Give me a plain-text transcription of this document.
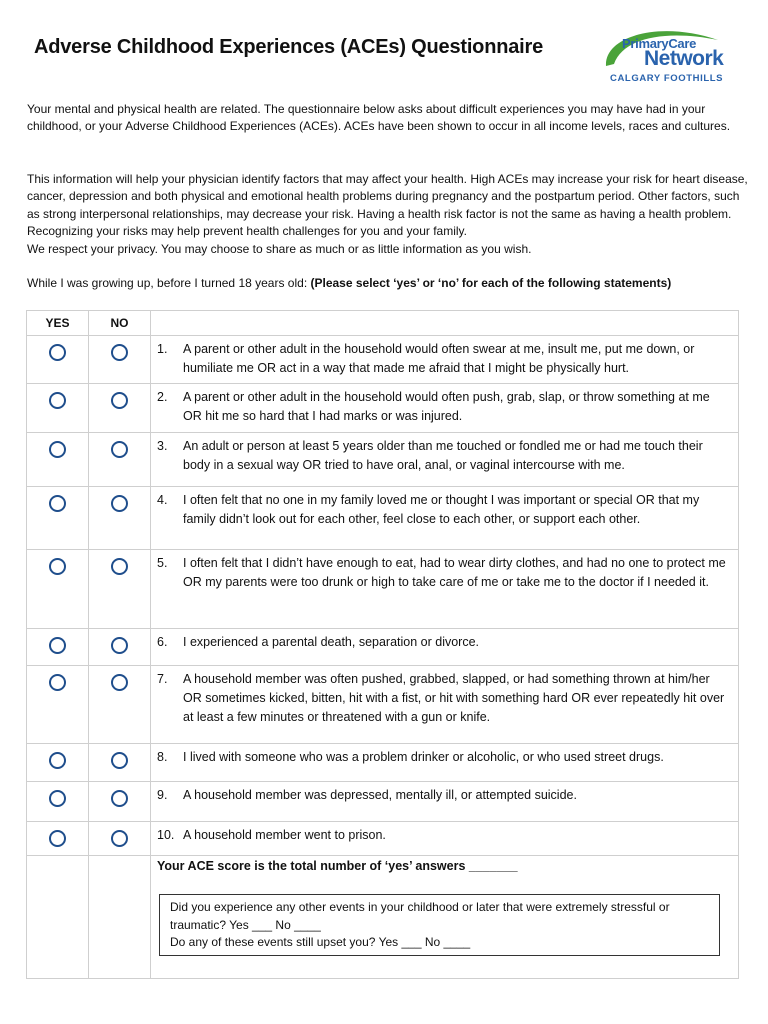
Adverse Childhood Experiences (ACEs) Questionnaire	PrimaryCare
Network
CALGARY FOOTHILLS

Your mental and physical health are related. The questionnaire below asks about difficult experiences you may have had in your childhood, or your Adverse Childhood Experiences (ACEs). ACEs have been shown to occur in all income levels, races and cultures.

This information will help your physician identify factors that may affect your health. High ACEs may increase your risk for heart disease, cancer, depression and both physical and emotional health problems during pregnancy and the postpartum period. Other factors, such as strong interpersonal relationships, may decrease your risk. Having a health risk factor is not the same as having a health problem. Recognizing your risks may help prevent health challenges for you and your family.

We respect your privacy. You may choose to share as much or as little information as you wish.

While I was growing up, before I turned 18 years old: (Please select ‘yes’ or ‘no’ for each of the following statements)
YES	NO	

		1. A parent or other adult in the household would often swear at me, insult me, put me down, or humiliate me OR act in a way that made me afraid that I might be physically hurt.

		2. A parent or other adult in the household would often push, grab, slap, or throw something at me OR hit me so hard that I had marks or was injured.

		3. An adult or person at least 5 years older than me touched or fondled me or had me touch their body in a sexual way OR tried to have oral, anal, or vaginal intercourse with me.

		4. I often felt that no one in my family loved me or thought I was important or special OR that my family didn’t look out for each other, feel close to each other, or support each other.

		5. I often felt that I didn’t have enough to eat, had to wear dirty clothes, and had no one to protect me OR my parents were too drunk or high to take care of me or take me to the doctor if I needed it.

		6. I experienced a parental death, separation or divorce.

		7. A household member was often pushed, grabbed, slapped, or had something thrown at him/her OR sometimes kicked, bitten, hit with a fist, or hit with something hard OR ever repeatedly hit over at least a few minutes or threatened with a gun or knife.

		8. I lived with someone who was a problem drinker or alcoholic, or who used street drugs.

		9. A household member was depressed, mentally ill, or attempted suicide.

		10. A household member went to prison.

		Your ACE score is the total number of ‘yes’ answers _______

Did you experience any other events in your childhood or later that were extremely stressful or traumatic? Yes ___ No ____

Do any of these events still upset you? Yes ___ No ____
